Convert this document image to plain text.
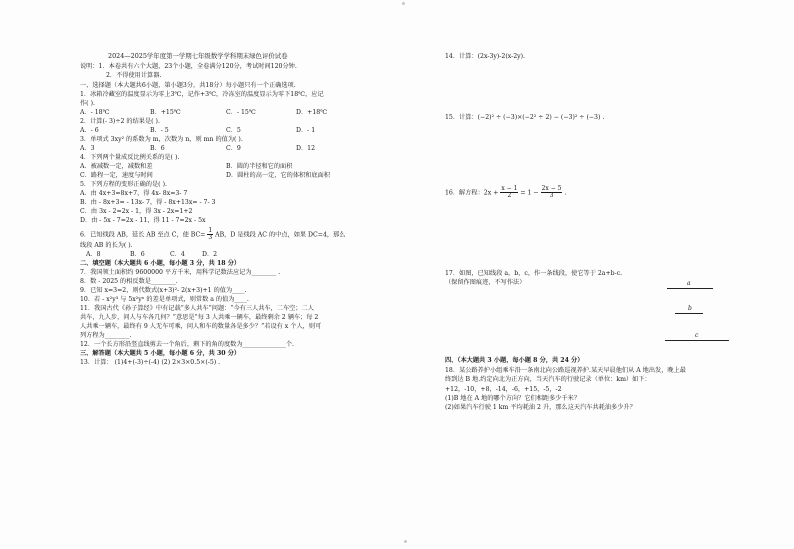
2024—2025学年度第一学期七年级数学学科期末绿色评价试卷
说明：1．本卷共有六个大题，23个小题，全卷满分120分，考试时间120分钟.
2．不得使用计算器.
一、选择题（本大题共6小题，第小题3分，共18分）每小题只有一个正确选项.
1．冰箱冷藏室的温度显示为零上3℃，记作+3℃，冷冻室的温度显示为零下18℃，应记
作( ).
A．- 18℃	B．+15℃	C．- 15℃	D．+18℃
2．计算(- 3)÷2 的结果是( ).
A．- 6	B．- 5	C．5	D．- 1
3．单项式 3xy² 的系数为 m，次数为 n，则 mn 的值为( ).
A．3	B．6	C．9	D．12
4．下列两个量成反比例关系的是( ).
A．被减数一定，减数和差	B．圆的半径和它的面积
C．路程一定，速度与时间	D．圆柱的高一定，它的体积和底面积
5．下列方程的变形正确的是( ).
A．由 4x+3=8x+7，得 4x- 8x=3- 7
B．由 - 8x+3= - 13x- 7，得 - 8x+13x= - 7- 3
C．由 3x - 2=2x - 1，得 3x - 2x=1+2
D．由 - 5x - 7=2x - 11，得 11 - 7=2x - 5x
6．已知线段 AB，延长 AB 至点 C，使 $BC= \frac{1}{3}$ AB，D 是线段 AC 的中点，如果 DC=4，那么
线段 AB 的长为( ).
A．8	B．6	C．4	D．2
二、填空题（本大题共 6 小题，每小题 3 分，共 18 分）
7．我国领土面积约 9600000 平方千米，用科学记数法应记为________ .
8．数 - 2025 的相反数是________.
9．已知 x=3=2，则代数式(x+3)²- 2(x+3)+1 的值为____.
10．若 - x²y³ 与 5x²yⁿ 的差是单项式，则常数 a 的值为____.
11．我国古代《孙子算经》中有记载“多人共车”问题：“今有三人共车，二车空；二人
共车，九人步，问人与车各几何？”意思是“每 3 人共乘一辆车，最终剩余 2 辆车；每 2
人共乘一辆车，最终有 9 人无车可乘，问人和车的数量各是多少？”若设有 x 个人，则可
列方程为________.
12．一个长方形沿竖直线剪去一个角后，剩下的角的度数为______________个.
三、解答题（本大题共 5 小题，每小题 6 分，共 30 分）
13．计算： (1)4+(-3)÷(-4) (2) 2×3×0.5×(-5) .
14．计算：(2x-3y)-2(x-2y).
15．计算：(−2)² ÷ (−3)×(−2² ÷ 2) − (−3)² ÷ (−3) .
16．解方程：$2x + \frac{x - 1}{2} = 1 - \frac{2x - 5}{3}$ .
17．如图，已知线段 a，b，c，作一条线段，使它等于 2a+b-c.
（保留作图痕迹，不写作法）	a
b
c
四、（本大题共 3 小题，每小题 8 分，共 24 分）
18．某公路养护小组乘车沿一条南北向公路巡视养护.某天早晨他们从 A 地出发，晚上最
终到达 B 地.约定向北为正方向，当天汽车的行驶记录（单位：km）如下：
+12，-10，+8，-14，-6，+15，-5，-2
(1)B 地在 A 地的哪个方向？它们相距多少千米？
(2)如果汽车行驶 1 km 平均耗油 2 升，那么这天汽车共耗油多少升？
